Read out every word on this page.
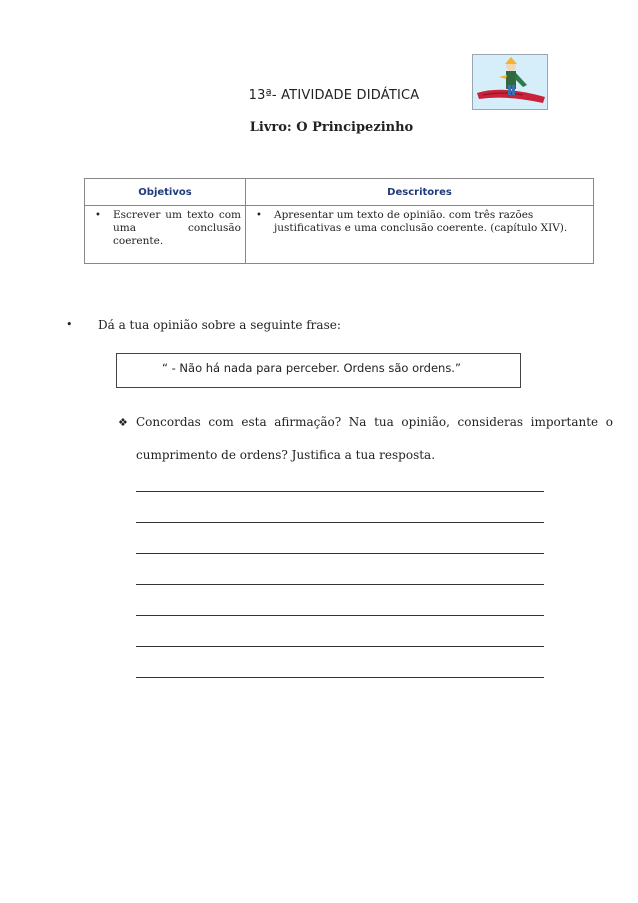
13ª- ATIVIDADE DIDÁTICA
Livro: O Principezinho
Objetivos	Descritores

• Escrever um texto com uma conclusão coerente.	• Apresentar um texto de opinião. com três razões justificativas e uma conclusão coerente. (capítulo XIV).
•	Dá a tua opinião sobre a seguinte frase:
“ - Não há nada para perceber. Ordens são ordens.”
❖ Concordas com esta afirmação? Na tua opinião, consideras importante o cumprimento de ordens? Justifica a tua resposta.
